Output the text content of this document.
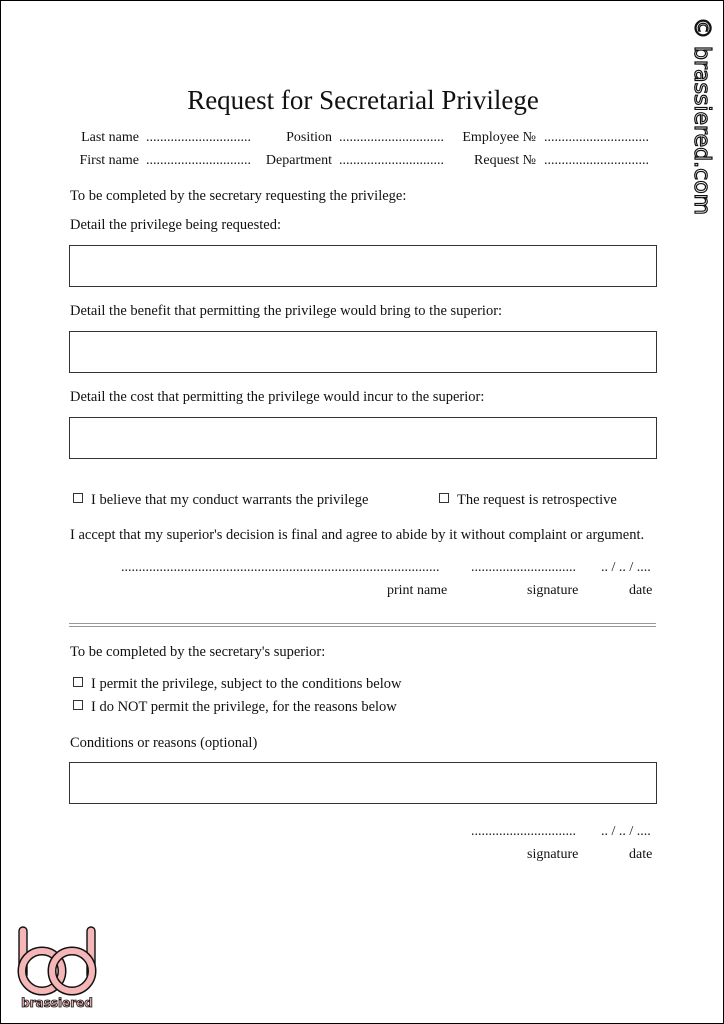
Request for Secretarial Privilege
Last name ..............................	Position ..............................	Employee № ..............................
First name ..............................	Department ..............................	Request № ..............................
To be completed by the secretary requesting the privilege:
Detail the privilege being requested:
Detail the benefit that permitting the privilege would bring to the superior:
Detail the cost that permitting the privilege would incur to the superior:
I believe that my conduct warrants the privilege	The request is retrospective
I accept that my superior's decision is final and agree to abide by it without complaint or argument.
........................................................................................... .............................. .. / .. / ....
print name	signature	date
To be completed by the secretary's superior:
I permit the privilege, subject to the conditions below
I do NOT permit the privilege, for the reasons below
Conditions or reasons (optional)
.............................. .. / .. / ....
signature	date
© brassiered.com
brassiered
